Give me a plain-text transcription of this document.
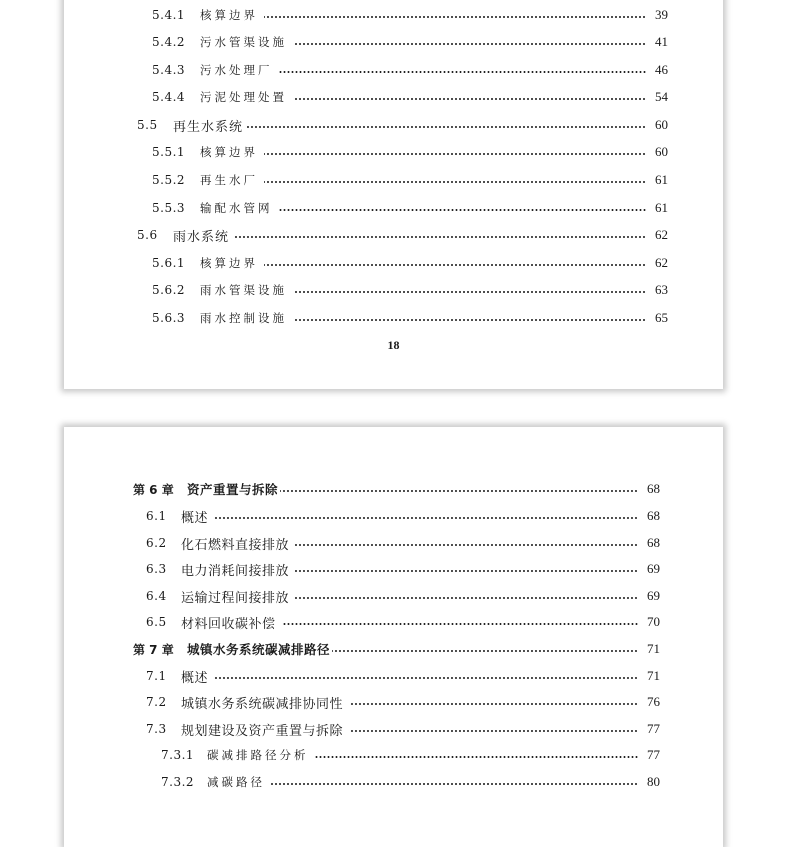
5.4.1	核算边界	39
5.4.2	污水管渠设施	41
5.4.3	污水处理厂	46
5.4.4	污泥处理处置	54
5.5	再生水系统	60
5.5.1	核算边界	60
5.5.2	再生水厂	61
5.5.3	输配水管网	61
5.6	雨水系统	62
5.6.1	核算边界	62
5.6.2	雨水管渠设施	63
5.6.3	雨水控制设施	65
18
第 6 章	资产重置与拆除	68
6.1	概述	68
6.2	化石燃料直接排放	68
6.3	电力消耗间接排放	69
6.4	运输过程间接排放	69
6.5	材料回收碳补偿	70
第 7 章	城镇水务系统碳减排路径	71
7.1	概述	71
7.2	城镇水务系统碳减排协同性	76
7.3	规划建设及资产重置与拆除	77
7.3.1	碳减排路径分析	77
7.3.2	减碳路径	80
